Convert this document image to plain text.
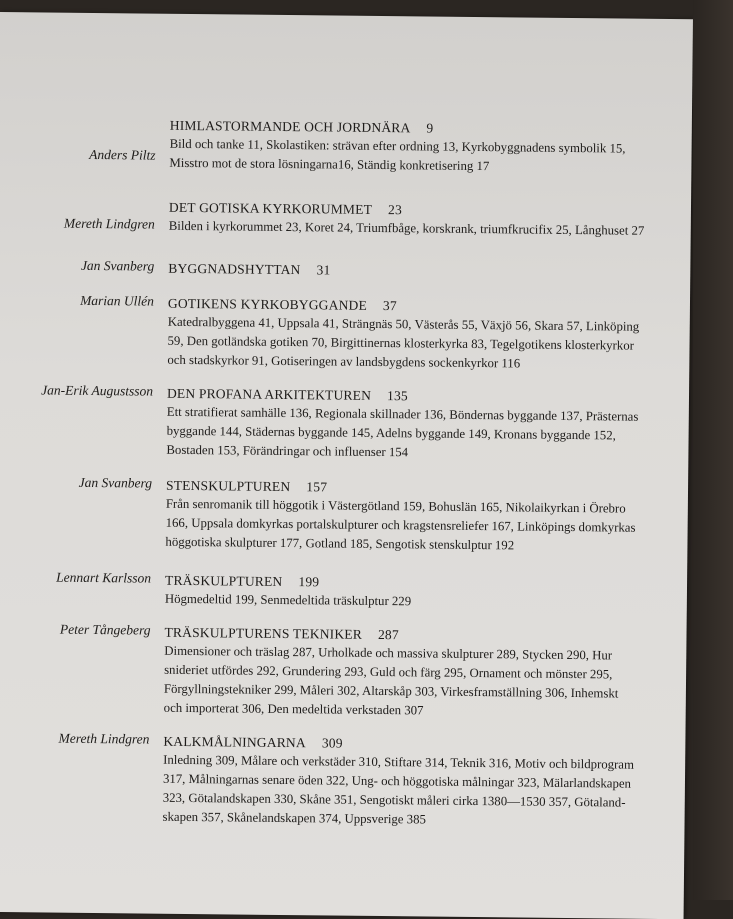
Anders Piltz
HIMLASTORMANDE OCH JORDNÄRA 9
Bild och tanke 11, Skolastiken: strävan efter ordning 13, Kyrkobyggnadens symbolik 15,
Misstro mot de stora lösningarna16, Ständig konkretisering 17
Mereth Lindgren
DET GOTISKA KYRKORUMMET 23
Bilden i kyrkorummet 23, Koret 24, Triumfbåge, korskrank, triumfkrucifix 25, Långhuset 27
Jan Svanberg BYGGNADSHYTTAN 31
Marian Ullén GOTIKENS KYRKOBYGGANDE 37
Katedralbyggena 41, Uppsala 41, Strängnäs 50, Västerås 55, Växjö 56, Skara 57, Linköping
59, Den gotländska gotiken 70, Birgittinernas klosterkyrka 83, Tegelgotikens klosterkyrkor
och stadskyrkor 91, Gotiseringen av landsbygdens sockenkyrkor 116
Jan-Erik Augustsson DEN PROFANA ARKITEKTUREN 135
Ett stratifierat samhälle 136, Regionala skillnader 136, Böndernas byggande 137, Prästernas
byggande 144, Städernas byggande 145, Adelns byggande 149, Kronans byggande 152,
Bostaden 153, Förändringar och influenser 154
Jan Svanberg STENSKULPTUREN 157
Från senromanik till höggotik i Västergötland 159, Bohuslän 165, Nikolaikyrkan i Örebro
166, Uppsala domkyrkas portalskulpturer och kragstensreliefer 167, Linköpings domkyrkas
höggotiska skulpturer 177, Gotland 185, Sengotisk stenskulptur 192
Lennart Karlsson TRÄSKULPTUREN 199
Högmedeltid 199, Senmedeltida träskulptur 229
Peter Tångeberg TRÄSKULPTURENS TEKNIKER 287
Dimensioner och träslag 287, Urholkade och massiva skulpturer 289, Stycken 290, Hur
snideriet utfördes 292, Grundering 293, Guld och färg 295, Ornament och mönster 295,
Förgyllningstekniker 299, Måleri 302, Altarskåp 303, Virkesframställning 306, Inhemskt
och importerat 306, Den medeltida verkstaden 307
Mereth Lindgren KALKMÅLNINGARNA 309
Inledning 309, Målare och verkstäder 310, Stiftare 314, Teknik 316, Motiv och bildprogram
317, Målningarnas senare öden 322, Ung- och höggotiska målningar 323, Mälarlandskapen
323, Götalandskapen 330, Skåne 351, Sengotiskt måleri cirka 1380—1530 357, Götaland-
skapen 357, Skånelandskapen 374, Uppsverige 385
